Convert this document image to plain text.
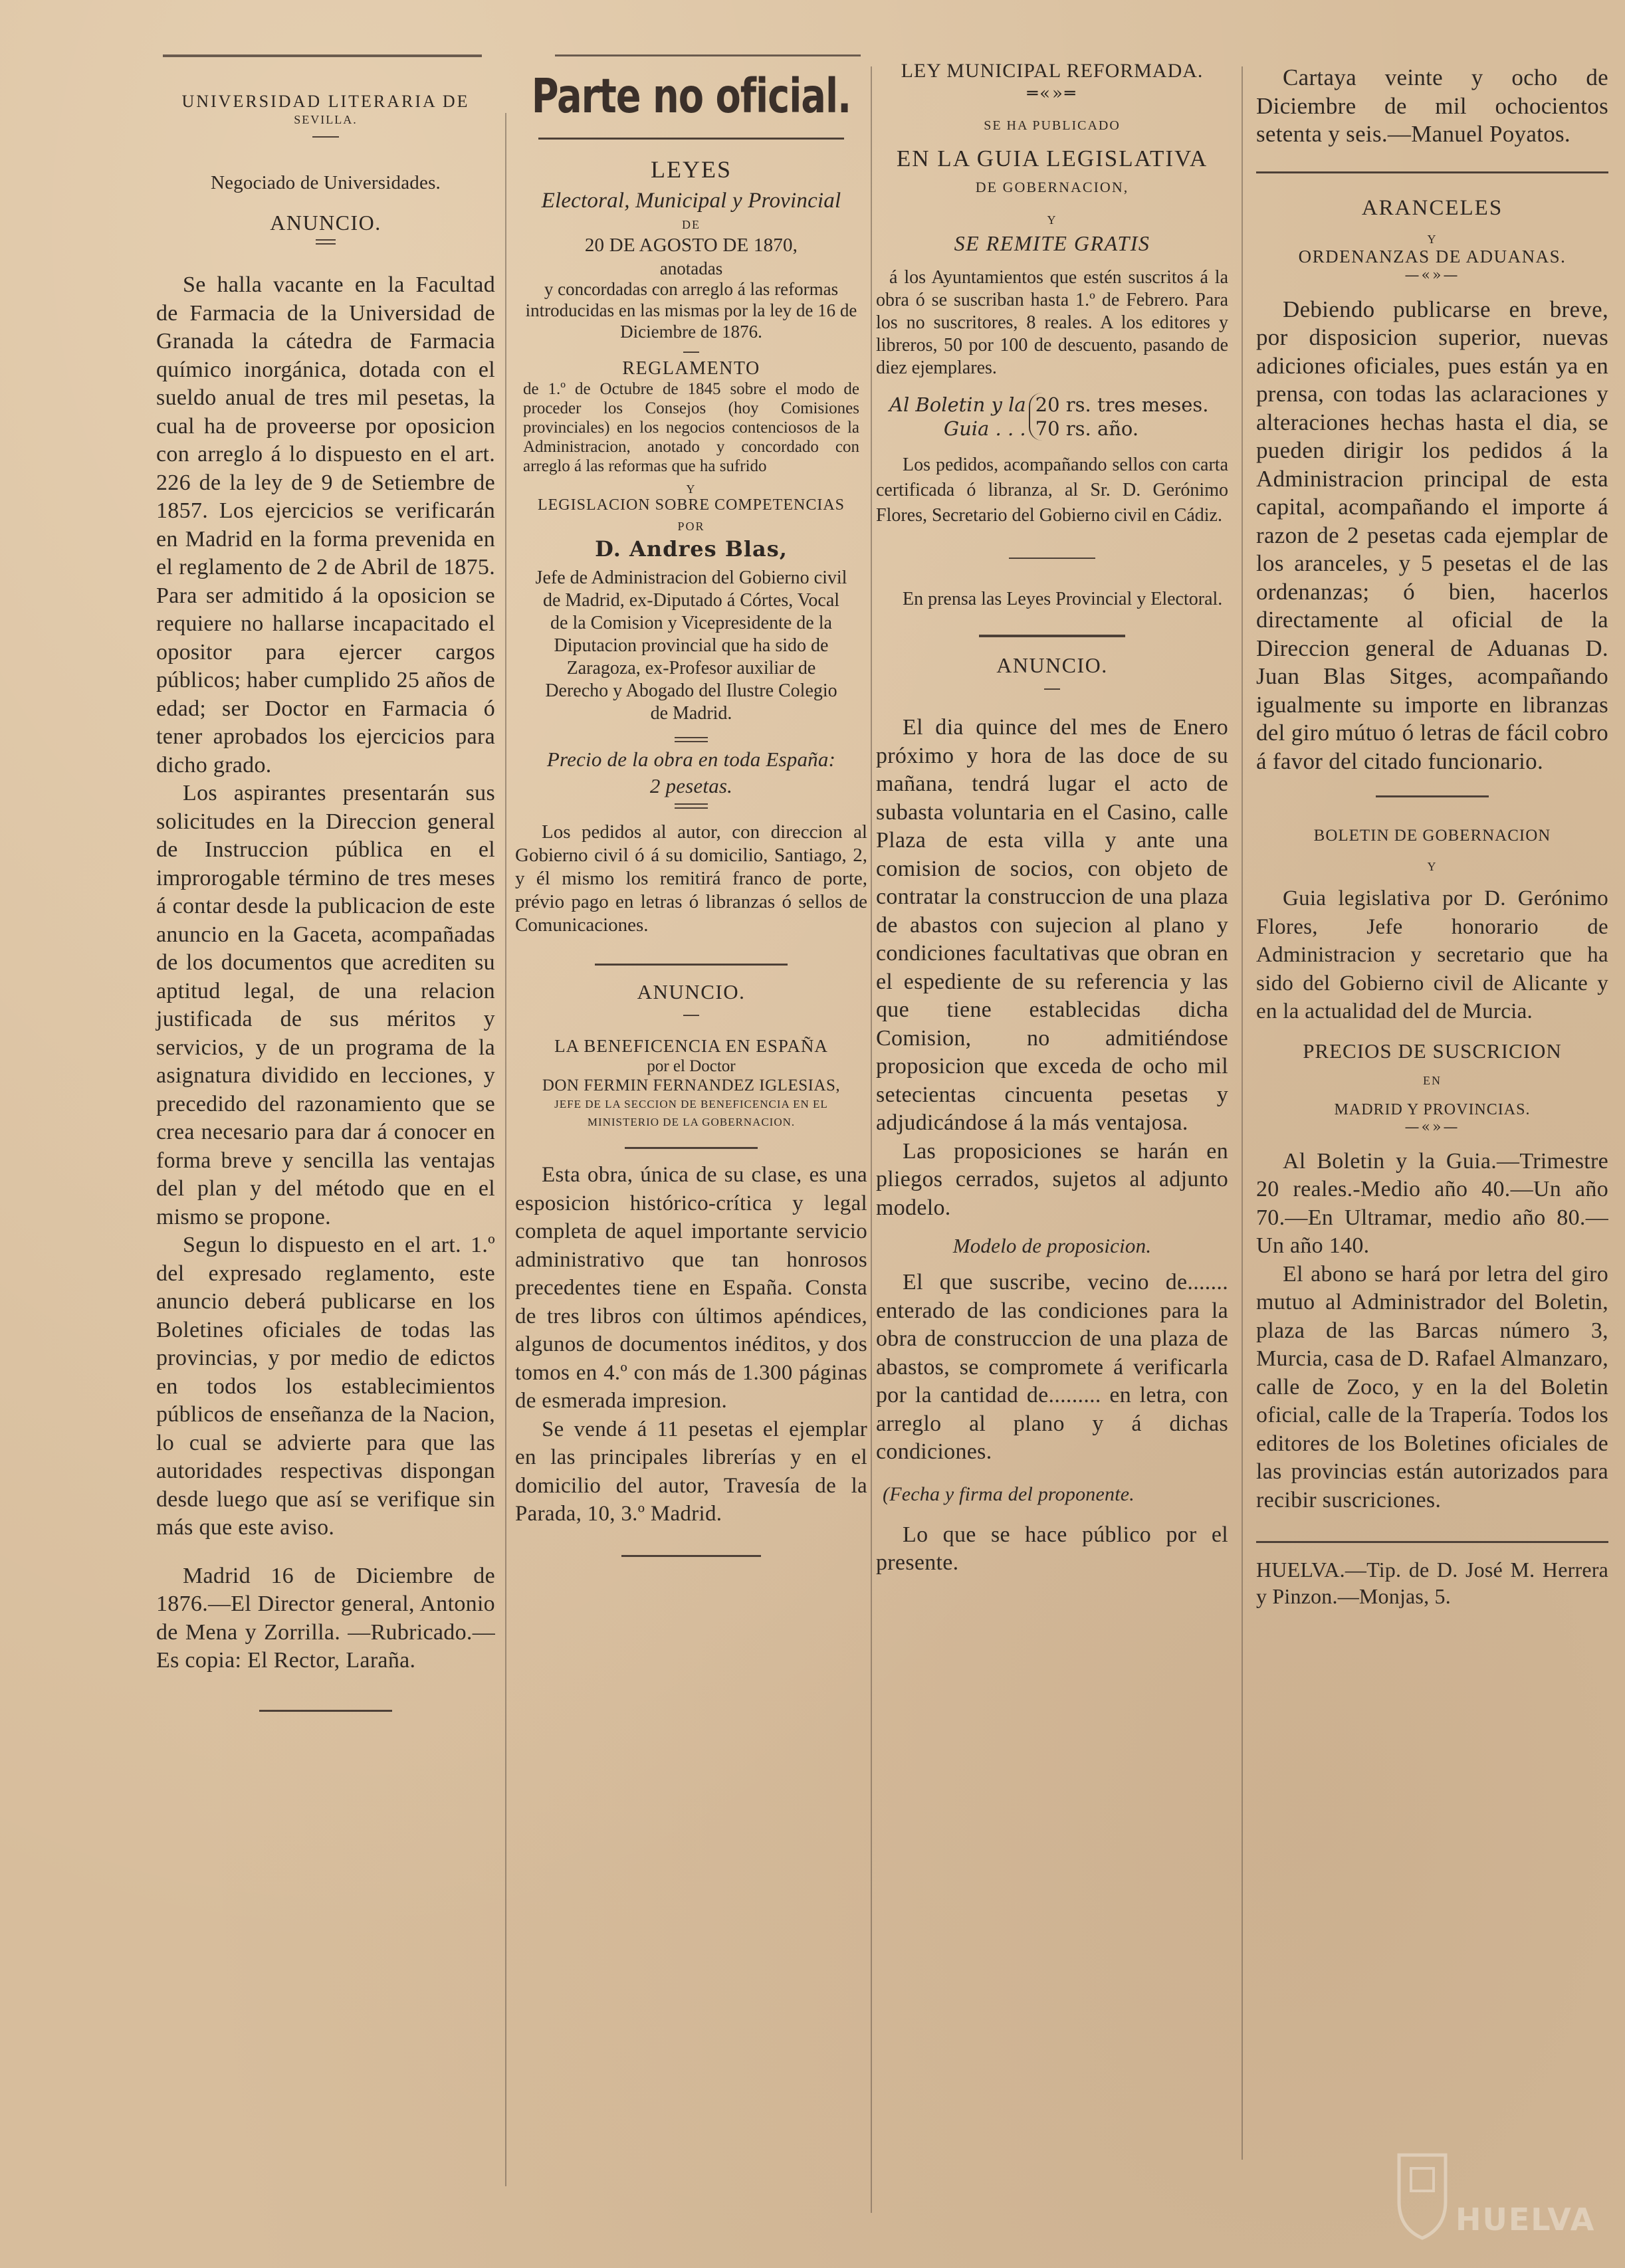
UNIVERSIDAD LITERARIA DE

SEVILLA.

Negociado de Universidades.

ANUNCIO.

Se halla vacante en la Facultad de Farmacia de la Universidad de Granada la cátedra de Farmacia químico inorgánica, dotada con el sueldo anual de tres mil pesetas, la cual ha de proveerse por oposicion con arreglo á lo dispuesto en el art. 226 de la ley de 9 de Setiembre de 1857. Los ejercicios se verificarán en Madrid en la forma prevenida en el reglamento de 2 de Abril de 1875. Para ser admitido á la oposicion se requiere no hallarse incapacitado el opositor para ejercer cargos públicos; haber cumplido 25 años de edad; ser Doctor en Farmacia ó tener aprobados los ejercicios para dicho grado.

Los aspirantes presentarán sus solicitudes en la Direccion general de Instruccion pública en el improrogable término de tres meses á contar desde la publicacion de este anuncio en la Gaceta, acompañadas de los documentos que acrediten su aptitud legal, de una relacion justificada de sus méritos y servicios, y de un programa de la asignatura dividido en lecciones, y precedido del razonamiento que se crea necesario para dar á conocer en forma breve y sencilla las ventajas del plan y del método que en el mismo se propone.

Segun lo dispuesto en el art. 1.º del expresado reglamento, este anuncio deberá publicarse en los Boletines oficiales de todas las provincias, y por medio de edictos en todos los establecimientos públicos de enseñanza de la Nacion, lo cual se advierte para que las autoridades respectivas dispongan desde luego que así se verifique sin más que este aviso.

Madrid 16 de Diciembre de 1876.—El Director general, Antonio de Mena y Zorrilla. —Rubricado.—Es copia: El Rector, Laraña.

Parte no oficial.

LEYES

Electoral, Municipal y Provincial

DE

20 DE AGOSTO DE 1870,

anotadas

y concordadas con arreglo á las reformas introducidas en las mismas por la ley de 16 de Diciembre de 1876.

REGLAMENTO

de 1.º de Octubre de 1845 sobre el modo de proceder los Consejos (hoy Comisiones provinciales) en los negocios contenciosos de la Administracion, anotado y concordado con arreglo á las reformas que ha sufrido

Y

LEGISLACION SOBRE COMPETENCIAS

POR

D. Andres Blas,

Jefe de Administracion del Gobierno civil de Madrid, ex-Diputado á Córtes, Vocal de la Comision y Vicepresidente de la Diputacion provincial que ha sido de Zaragoza, ex-Profesor auxiliar de Derecho y Abogado del Ilustre Colegio de Madrid.

Precio de la obra en toda España:

2 pesetas.

Los pedidos al autor, con direccion al Gobierno civil ó á su domicilio, Santiago, 2, y él mismo los remitirá franco de porte, prévio pago en letras ó libranzas ó sellos de Comunicaciones.

ANUNCIO.

LA BENEFICENCIA EN ESPAÑA

por el Doctor

DON FERMIN FERNANDEZ IGLESIAS,

JEFE DE LA SECCION DE BENEFICENCIA EN EL MINISTERIO DE LA GOBERNACION.

Esta obra, única de su clase, es una esposicion histórico-crítica y legal completa de aquel importante servicio administrativo que tan honrosos precedentes tiene en España. Consta de tres libros con últimos apéndices, algunos de documentos inéditos, y dos tomos en 4.º con más de 1.300 páginas de esmerada impresion.

Se vende á 11 pesetas el ejemplar en las principales librerías y en el domicilio del autor, Travesía de la Parada, 10, 3.º Madrid.

LEY MUNICIPAL REFORMADA.

═«»═

SE HA PUBLICADO

EN LA GUIA LEGISLATIVA

DE GOBERNACION,

Y

SE REMITE GRATIS

á los Ayuntamientos que estén suscritos á la obra ó se suscriban hasta 1.º de Febrero. Para los no suscritores, 8 reales. A los editores y libreros, 50 por 100 de descuento, pasando de diez ejemplares.

Al Boletin y la
Guia . . .
20 rs. tres meses.
70 rs. año.

Los pedidos, acompañando sellos con carta certificada ó libranza, al Sr. D. Gerónimo Flores, Secretario del Gobierno civil en Cádiz.

En prensa las Leyes Provincial y Electoral.

ANUNCIO.

El dia quince del mes de Enero próximo y hora de las doce de su mañana, tendrá lugar el acto de subasta voluntaria en el Casino, calle Plaza de esta villa y ante una comision de socios, con objeto de contratar la construccion de una plaza de abastos con sujecion al plano y condiciones facultativas que obran en el espediente de su referencia y las que tiene establecidas dicha Comision, no admitiéndose proposicion que exceda de ocho mil setecientas cincuenta pesetas y adjudicándose á la más ventajosa.

Las proposiciones se harán en pliegos cerrados, sujetos al adjunto modelo.

Modelo de proposicion.

El que suscribe, vecino de....... enterado de las condiciones para la obra de construccion de una plaza de abastos, se compromete á verificarla por la cantidad de......... en letra, con arreglo al plano y á dichas condiciones.

(Fecha y firma del proponente.

Lo que se hace público por el presente.

Cartaya veinte y ocho de Diciembre de mil ochocientos setenta y seis.—Manuel Poyatos.

ARANCELES

Y

ORDENANZAS DE ADUANAS.

—«»—

Debiendo publicarse en breve, por disposicion superior, nuevas adiciones oficiales, pues están ya en prensa, con todas las aclaraciones y alteraciones hechas hasta el dia, se pueden dirigir los pedidos á la Administracion principal de esta capital, acompañando el importe á razon de 2 pesetas cada ejemplar de los aranceles, y 5 pesetas el de las ordenanzas; ó bien, hacerlos directamente al oficial de la Direccion general de Aduanas D. Juan Blas Sitges, acompañando igualmente su importe en libranzas del giro mútuo ó letras de fácil cobro á favor del citado funcionario.

BOLETIN DE GOBERNACION

Y

Guia legislativa por D. Gerónimo Flores, Jefe honorario de Administracion y secretario que ha sido del Gobierno civil de Alicante y en la actualidad del de Murcia.

PRECIOS DE SUSCRICION

EN

MADRID Y PROVINCIAS.

—«»—

Al Boletin y la Guia.—Trimestre 20 reales.-Medio año 40.—Un año 70.—En Ultramar, medio año 80.—Un año 140.

El abono se hará por letra del giro mutuo al Administrador del Boletin, plaza de las Barcas número 3, Murcia, casa de D. Rafael Almanzaro, calle de Zoco, y en la del Boletin oficial, calle de la Trapería. Todos los editores de los Boletines oficiales de las provincias están autorizados para recibir suscriciones.

HUELVA.—Tip. de D. José M. Herrera y Pinzon.—Monjas, 5.

HUELVA
